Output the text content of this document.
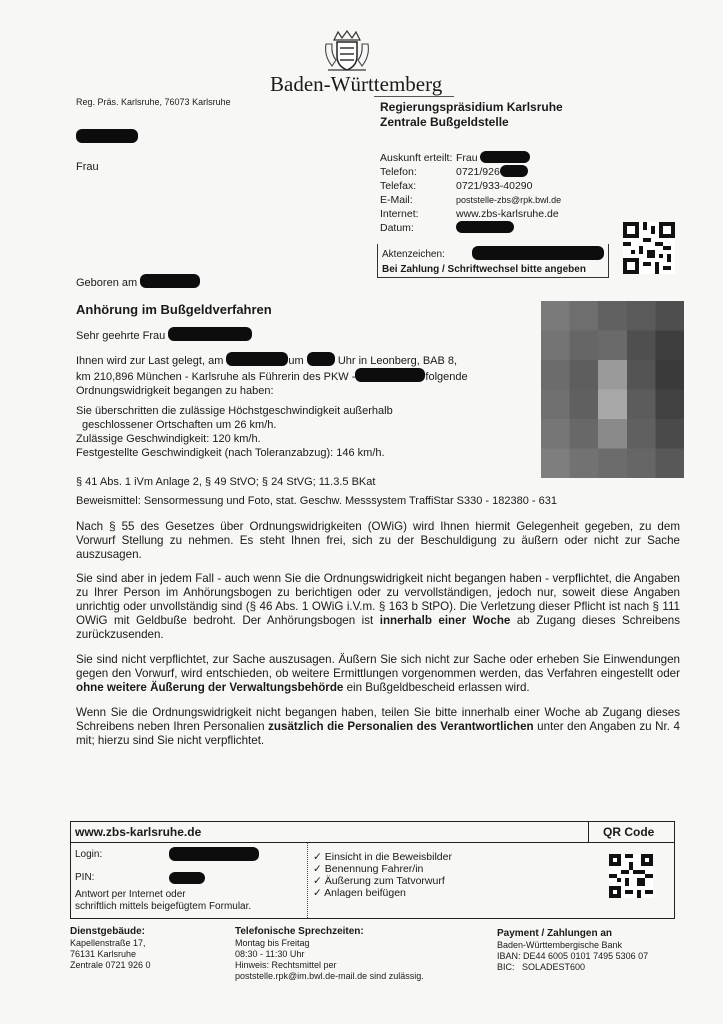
Baden-Württemberg
Reg. Präs. Karlsruhe, 76073 Karlsruhe	Regierungspräsidium Karlsruhe
Zentrale Bußgeldstelle
Frau
Auskunft erteilt: Frau
Telefon:	0721/926
Telefax:	0721/933-40290
E-Mail:	poststelle-zbs@rpk.bwl.de
Internet:	www.zbs-karlsruhe.de
Datum:
Aktenzeichen:
Bei Zahlung / Schriftwechsel bitte angeben
Geboren am
Anhörung im Bußgeldverfahren
Sehr geehrte Frau
Ihnen wird zur Last gelegt, am	um	Uhr in Leonberg, BAB 8,
km 210,896 München - Karlsruhe als Führerin des PKW -	folgende
Ordnungswidrigkeit begangen zu haben:
Sie überschritten die zulässige Höchstgeschwindigkeit außerhalb
geschlossener Ortschaften um 26 km/h.
Zulässige Geschwindigkeit: 120 km/h.
Festgestellte Geschwindigkeit (nach Toleranzabzug): 146 km/h.
§ 41 Abs. 1 iVm Anlage 2, § 49 StVO; § 24 StVG; 11.3.5 BKat
Beweismittel: Sensormessung und Foto, stat. Geschw. Messsystem TraffiStar S330 - 182380 - 631

Nach § 55 des Gesetzes über Ordnungswidrigkeiten (OWiG) wird Ihnen hiermit Gelegenheit gegeben, zu dem Vorwurf Stellung zu nehmen. Es steht Ihnen frei, sich zu der Beschuldigung zu äußern oder nicht zur Sache auszusagen.

Sie sind aber in jedem Fall - auch wenn Sie die Ordnungswidrigkeit nicht begangen haben - verpflichtet, die Angaben zu Ihrer Person im Anhörungsbogen zu berichtigen oder zu vervollständigen, jedoch nur, soweit diese Angaben unrichtig oder unvollständig sind (§ 46 Abs. 1 OWiG i.V.m. § 163 b StPO). Die Verletzung dieser Pflicht ist nach § 111 OWiG mit Geldbuße bedroht. Der Anhörungsbogen ist innerhalb einer Woche ab Zugang dieses Schreibens zurückzusenden.

Sie sind nicht verpflichtet, zur Sache auszusagen. Äußern Sie sich nicht zur Sache oder erheben Sie Einwendungen gegen den Vorwurf, wird entschieden, ob weitere Ermittlungen vorgenommen werden, das Verfahren eingestellt oder ohne weitere Äußerung der Verwaltungsbehörde ein Bußgeldbescheid erlassen wird.

Wenn Sie die Ordnungswidrigkeit nicht begangen haben, teilen Sie bitte innerhalb einer Woche ab Zugang dieses Schreibens neben Ihren Personalien zusätzlich die Personalien des Verantwortlichen unter den Angaben zu Nr. 4 mit; hierzu sind Sie nicht verpflichtet.

www.zbs-karlsruhe.de	QR Code
Login:
PIN:
Antwort per Internet oder
schriftlich mittels beigefügtem Formular.
✓ Einsicht in die Beweisbilder
✓ Benennung Fahrer/in
✓ Äußerung zum Tatvorwurf
✓ Anlagen beifügen
Dienstgebäude:
Kapellenstraße 17,
76131 Karlsruhe
Zentrale 0721 926 0
Telefonische Sprechzeiten:
Montag bis Freitag
08:30 - 11:30 Uhr
Hinweis: Rechtsmittel per
poststelle.rpk@im.bwl.de-mail.de sind zulässig.
Payment / Zahlungen an
Baden-Württembergische Bank
IBAN: DE44 6005 0101 7495 5306 07
BIC:   SOLADEST600
